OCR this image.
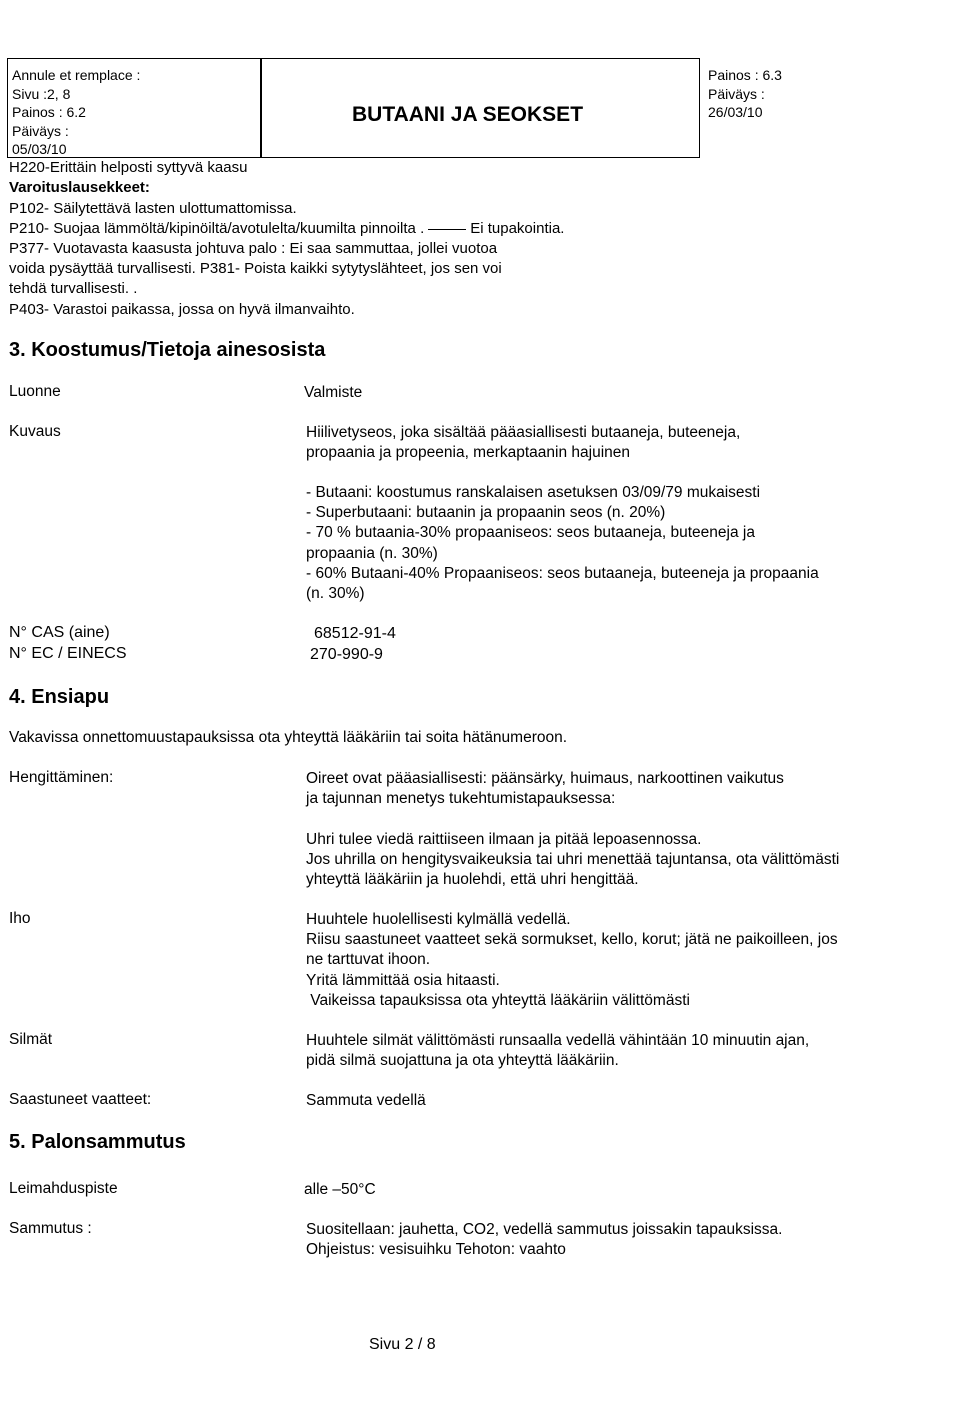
Annule et remplace :
Sivu :2, 8
Painos : 6.2
Päiväys :
05/03/10
BUTAANI JA SEOKSET
Painos : 6.3
Päiväys :
26/03/10
H220-Erittäin helposti syttyvä kaasu
Varoituslausekkeet:
P102- Säilytettävä lasten ulottumattomissa.
P210- Suojaa lämmöltä/kipinöiltä/avotulelta/kuumilta pinnoilta .	Ei tupakointia.
P377- Vuotavasta kaasusta johtuva palo : Ei saa sammuttaa, jollei vuotoa
voida pysäyttää turvallisesti. P381- Poista kaikki sytytyslähteet, jos sen voi
tehdä turvallisesti. .
P403- Varastoi paikassa, jossa on hyvä ilmanvaihto.
3. Koostumus/Tietoja ainesosista
Luonne	Valmiste
Kuvaus	Hiilivetyseos, joka sisältää pääasiallisesti butaaneja, buteeneja,
propaania ja propeenia, merkaptaanin hajuinen
- Butaani: koostumus ranskalaisen asetuksen 03/09/79 mukaisesti
- Superbutaani: butaanin ja propaanin seos (n. 20%)
- 70 % butaania-30% propaaniseos: seos butaaneja, buteeneja ja
propaania (n. 30%)
- 60% Butaani-40% Propaaniseos: seos butaaneja, buteeneja ja propaania
(n. 30%)
N° CAS (aine)	68512-91-4
N° EC / EINECS	270-990-9
4. Ensiapu
Vakavissa onnettomuustapauksissa ota yhteyttä lääkäriin tai soita hätänumeroon.
Hengittäminen:	Oireet ovat pääasiallisesti: päänsärky, huimaus, narkoottinen vaikutus
ja tajunnan menetys tukehtumistapauksessa:
Uhri tulee viedä raittiiseen ilmaan ja pitää lepoasennossa.
Jos uhrilla on hengitysvaikeuksia tai uhri menettää tajuntansa, ota välittömästi
yhteyttä lääkäriin ja huolehdi, että uhri hengittää.
Iho	Huuhtele huolellisesti kylmällä vedellä.
Riisu saastuneet vaatteet sekä sormukset, kello, korut; jätä ne paikoilleen, jos
ne tarttuvat ihoon.
Yritä lämmittää osia hitaasti.
Vaikeissa tapauksissa ota yhteyttä lääkäriin välittömästi
Silmät	Huuhtele silmät välittömästi runsaalla vedellä vähintään 10 minuutin ajan,
pidä silmä suojattuna ja ota yhteyttä lääkäriin.
Saastuneet vaatteet:	Sammuta vedellä
5. Palonsammutus
Leimahduspiste	alle –50°C
Sammutus :	Suositellaan: jauhetta, CO2, vedellä sammutus joissakin tapauksissa.
Ohjeistus: vesisuihku Tehoton: vaahto
Sivu 2 / 8
